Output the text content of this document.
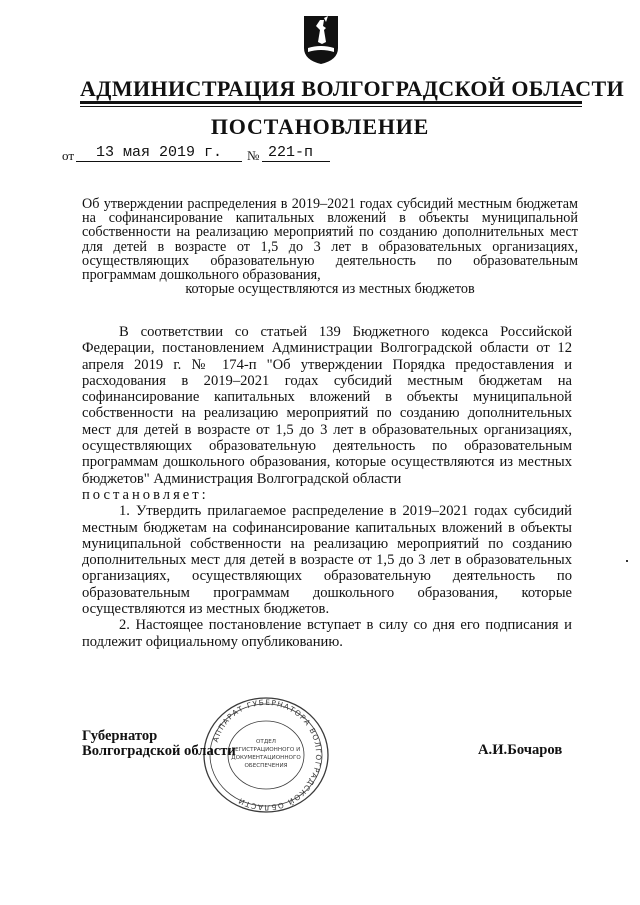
АДМИНИСТРАЦИЯ ВОЛГОГРАДСКОЙ ОБЛАСТИ
ПОСТАНОВЛЕНИЕ
от	13 мая 2019 г.	№ 221-п
Об утверждении распределения в 2019–2021 годах субсидий местным бюджетам на софинансирование капитальных вложений в объекты муниципальной собственности на реализацию мероприятий по созданию дополнительных мест для детей в возрасте от 1,5 до 3 лет в образовательных организациях, осуществляющих образовательную деятельность по образовательным программам дошкольного образования,
которые осуществляются из местных бюджетов

В соответствии со статьей 139 Бюджетного кодекса Российской Федерации, постановлением Администрации Волгоградской области от 12 апреля 2019 г. № 174-п "Об утверждении Порядка предоставления и расходования в 2019–2021 годах субсидий местным бюджетам на софинансирование капитальных вложений в объекты муниципальной собственности на реализацию мероприятий по созданию дополнительных мест для детей в возрасте от 1,5 до 3 лет в образовательных организациях, осуществляющих образовательную деятельность по образовательным программам дошкольного образования, которые осуществляются из местных бюджетов" Администрация Волгоградской области

постановляет:

1. Утвердить прилагаемое распределение в 2019–2021 годах субсидий местным бюджетам на софинансирование капитальных вложений в объекты муниципальной собственности на реализацию мероприятий по созданию дополнительных мест для детей в возрасте от 1,5 до 3 лет в образовательных организациях, осуществляющих образовательную деятельность по образовательным программам дошкольного образования, которые осуществляются из местных бюджетов.

2. Настоящее постановление вступает в силу со дня его подписания и подлежит официальному опубликованию.

АППАРАТ ГУБЕРНАТОРА ВОЛГОГРАДСКОЙ ОБЛАСТИ
ОТДЕЛ
РЕГИСТРАЦИОННОГО И
ДОКУМЕНТАЦИОННОГО
ОБЕСПЕЧЕНИЯ
Губернатор
Волгоградской области	А.И.Бочаров
